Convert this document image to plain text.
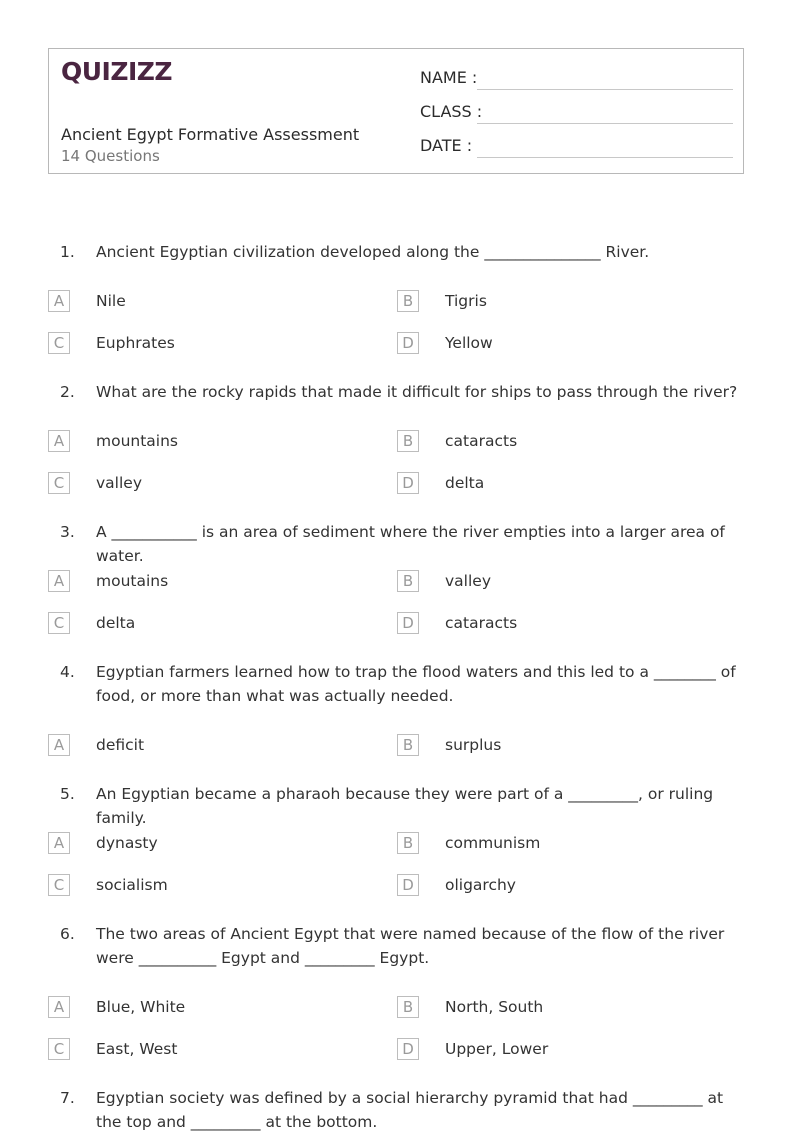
QUIZIZZ
Ancient Egypt Formative Assessment
14 Questions
NAME :
CLASS :
DATE :
1. Ancient Egyptian civilization developed along the _______________ River.
A	Nile	B	Tigris
C	Euphrates	D	Yellow
2. What are the rocky rapids that made it difficult for ships to pass through the river?
A	mountains	B	cataracts
C	valley	D	delta
3. A ___________ is an area of sediment where the river empties into a larger area of water.
A	moutains	B	valley
C	delta	D	cataracts
4. Egyptian farmers learned how to trap the flood waters and this led to a ________ of food, or more than what was actually needed.
A	deficit	B	surplus
5. An Egyptian became a pharaoh because they were part of a _________, or ruling family.
A	dynasty	B	communism
C	socialism	D	oligarchy
6. The two areas of Ancient Egypt that were named because of the flow of the river were __________ Egypt and _________ Egypt.
A	Blue, White	B	North, South
C	East, West	D	Upper, Lower
7. Egyptian society was defined by a social hierarchy pyramid that had _________ at the top and _________ at the bottom.
